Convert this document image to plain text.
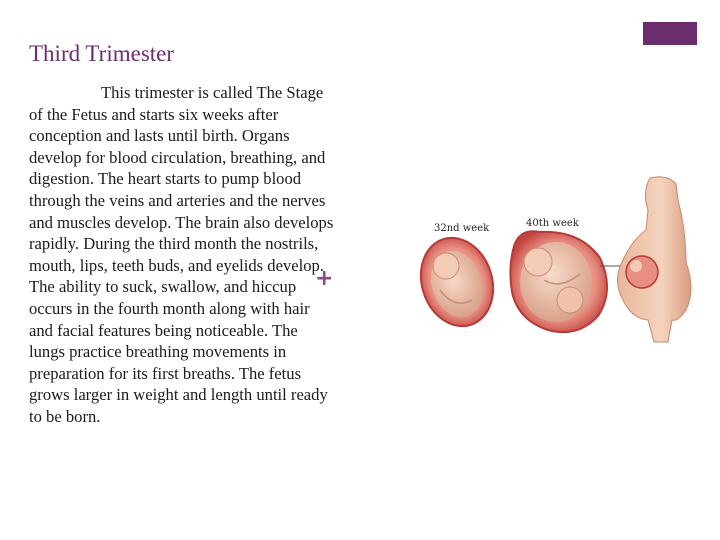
Third Trimester

This trimester is called The Stage of the Fetus and starts six weeks after conception and lasts until birth. Organs develop for blood circulation, breathing, and digestion. The heart starts to pump blood through the veins and arteries and the nerves and muscles develop. The brain also develops rapidly. During the third month the nostrils, mouth, lips, teeth buds, and eyelids develop. The ability to suck, swallow, and hiccup occurs in the fourth month along with hair and facial features being noticeable. The lungs practice breathing movements in preparation for its first breaths. The fetus grows larger in weight and length until ready to be born.

+
32nd week	40th week
